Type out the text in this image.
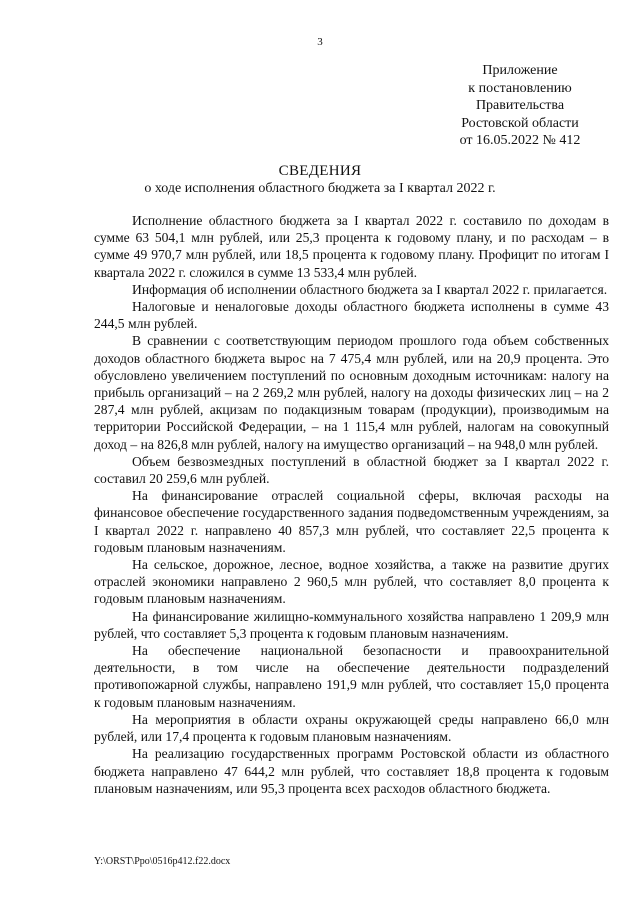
3
Приложение
к постановлению
Правительства
Ростовской области
от 16.05.2022 № 412
СВЕДЕНИЯ
о ходе исполнения областного бюджета за I квартал 2022 г.

Исполнение областного бюджета за I квартал 2022 г. составило по доходам в сумме 63 504,1 млн рублей, или 25,3 процента к годовому плану, и по расходам – в сумме 49 970,7 млн рублей, или 18,5 процента к годовому плану. Профицит по итогам I квартала 2022 г. сложился в сумме 13 533,4 млн рублей.

Информация об исполнении областного бюджета за I квартал 2022 г. прилагается.

Налоговые и неналоговые доходы областного бюджета исполнены в сумме 43 244,5 млн рублей.

В сравнении с соответствующим периодом прошлого года объем собственных доходов областного бюджета вырос на 7 475,4 млн рублей, или на 20,9 процента. Это обусловлено увеличением поступлений по основным доходным источникам: налогу на прибыль организаций – на 2 269,2 млн рублей, налогу на доходы физических лиц – на 2 287,4 млн рублей, акцизам по подакцизным товарам (продукции), производимым на территории Российской Федерации, – на 1 115,4 млн рублей, налогам на совокупный доход – на 826,8 млн рублей, налогу на имущество организаций – на 948,0 млн рублей.

Объем безвозмездных поступлений в областной бюджет за I квартал 2022 г. составил 20 259,6 млн рублей.

На финансирование отраслей социальной сферы, включая расходы на финансовое обеспечение государственного задания подведомственным учреждениям, за I квартал 2022 г. направлено 40 857,3 млн рублей, что составляет 22,5 процента к годовым плановым назначениям.

На сельское, дорожное, лесное, водное хозяйства, а также на развитие других отраслей экономики направлено 2 960,5 млн рублей, что составляет 8,0 процента к годовым плановым назначениям.

На финансирование жилищно-коммунального хозяйства направлено 1 209,9 млн рублей, что составляет 5,3 процента к годовым плановым назначениям.

На обеспечение национальной безопасности и правоохранительной деятельности, в том числе на обеспечение деятельности подразделений противопожарной службы, направлено 191,9 млн рублей, что составляет 15,0 процента к годовым плановым назначениям.

На мероприятия в области охраны окружающей среды направлено 66,0 млн рублей, или 17,4 процента к годовым плановым назначениям.

На реализацию государственных программ Ростовской области из областного бюджета направлено 47 644,2 млн рублей, что составляет 18,8 процента к годовым плановым назначениям, или 95,3 процента всех расходов областного бюджета.

Y:\ORST\Ppo\0516p412.f22.docx
